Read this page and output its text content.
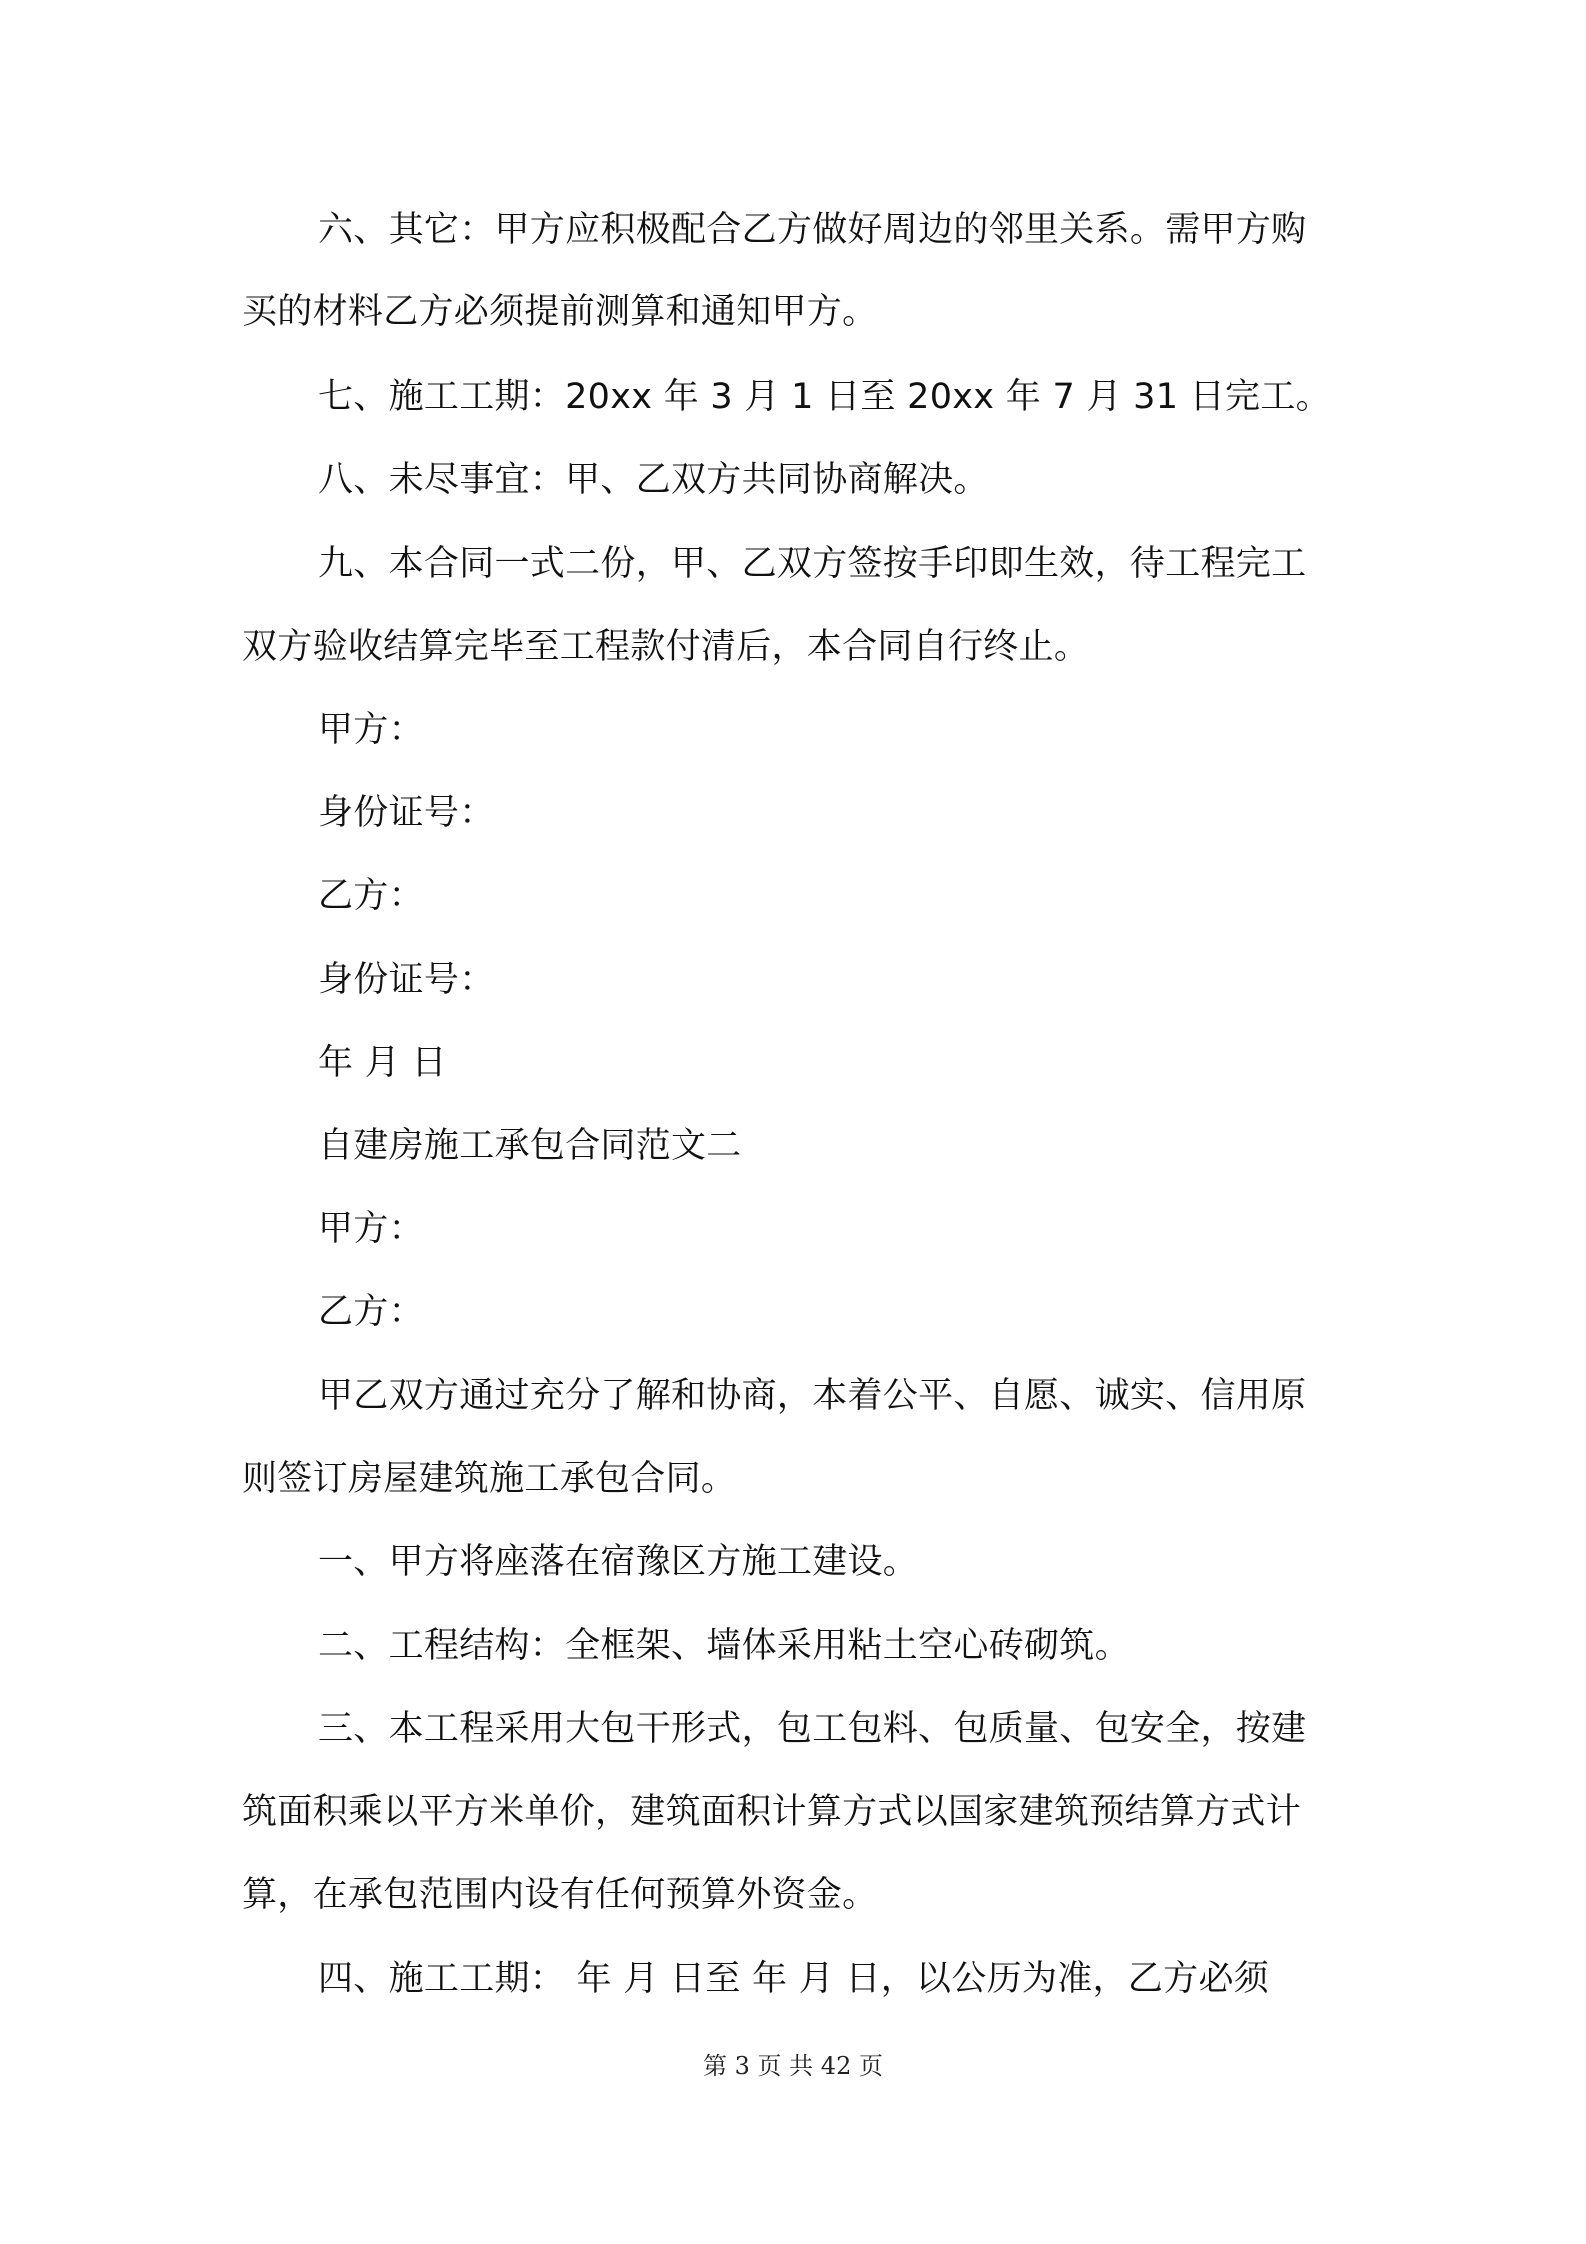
六、其它：甲方应积极配合乙方做好周边的邻里关系。需甲方购
买的材料乙方必须提前测算和通知甲方。
七、施工工期：20xx 年 3 月 1 日至 20xx 年 7 月 31 日完工。
八、未尽事宜：甲、乙双方共同协商解决。
九、本合同一式二份，甲、乙双方签按手印即生效，待工程完工
双方验收结算完毕至工程款付清后，本合同自行终止。
甲方：
身份证号：
乙方：
身份证号：
年 月 日
自建房施工承包合同范文二
甲方：
乙方：
甲乙双方通过充分了解和协商，本着公平、自愿、诚实、信用原
则签订房屋建筑施工承包合同。
一、甲方将座落在宿豫区方施工建设。
二、工程结构：全框架、墙体采用粘土空心砖砌筑。
三、本工程采用大包干形式，包工包料、包质量、包安全，按建
筑面积乘以平方米单价，建筑面积计算方式以国家建筑预结算方式计
算，在承包范围内设有任何预算外资金。
四、施工工期： 年 月 日至 年 月 日，以公历为准，乙方必须
第 3 页 共 42 页
